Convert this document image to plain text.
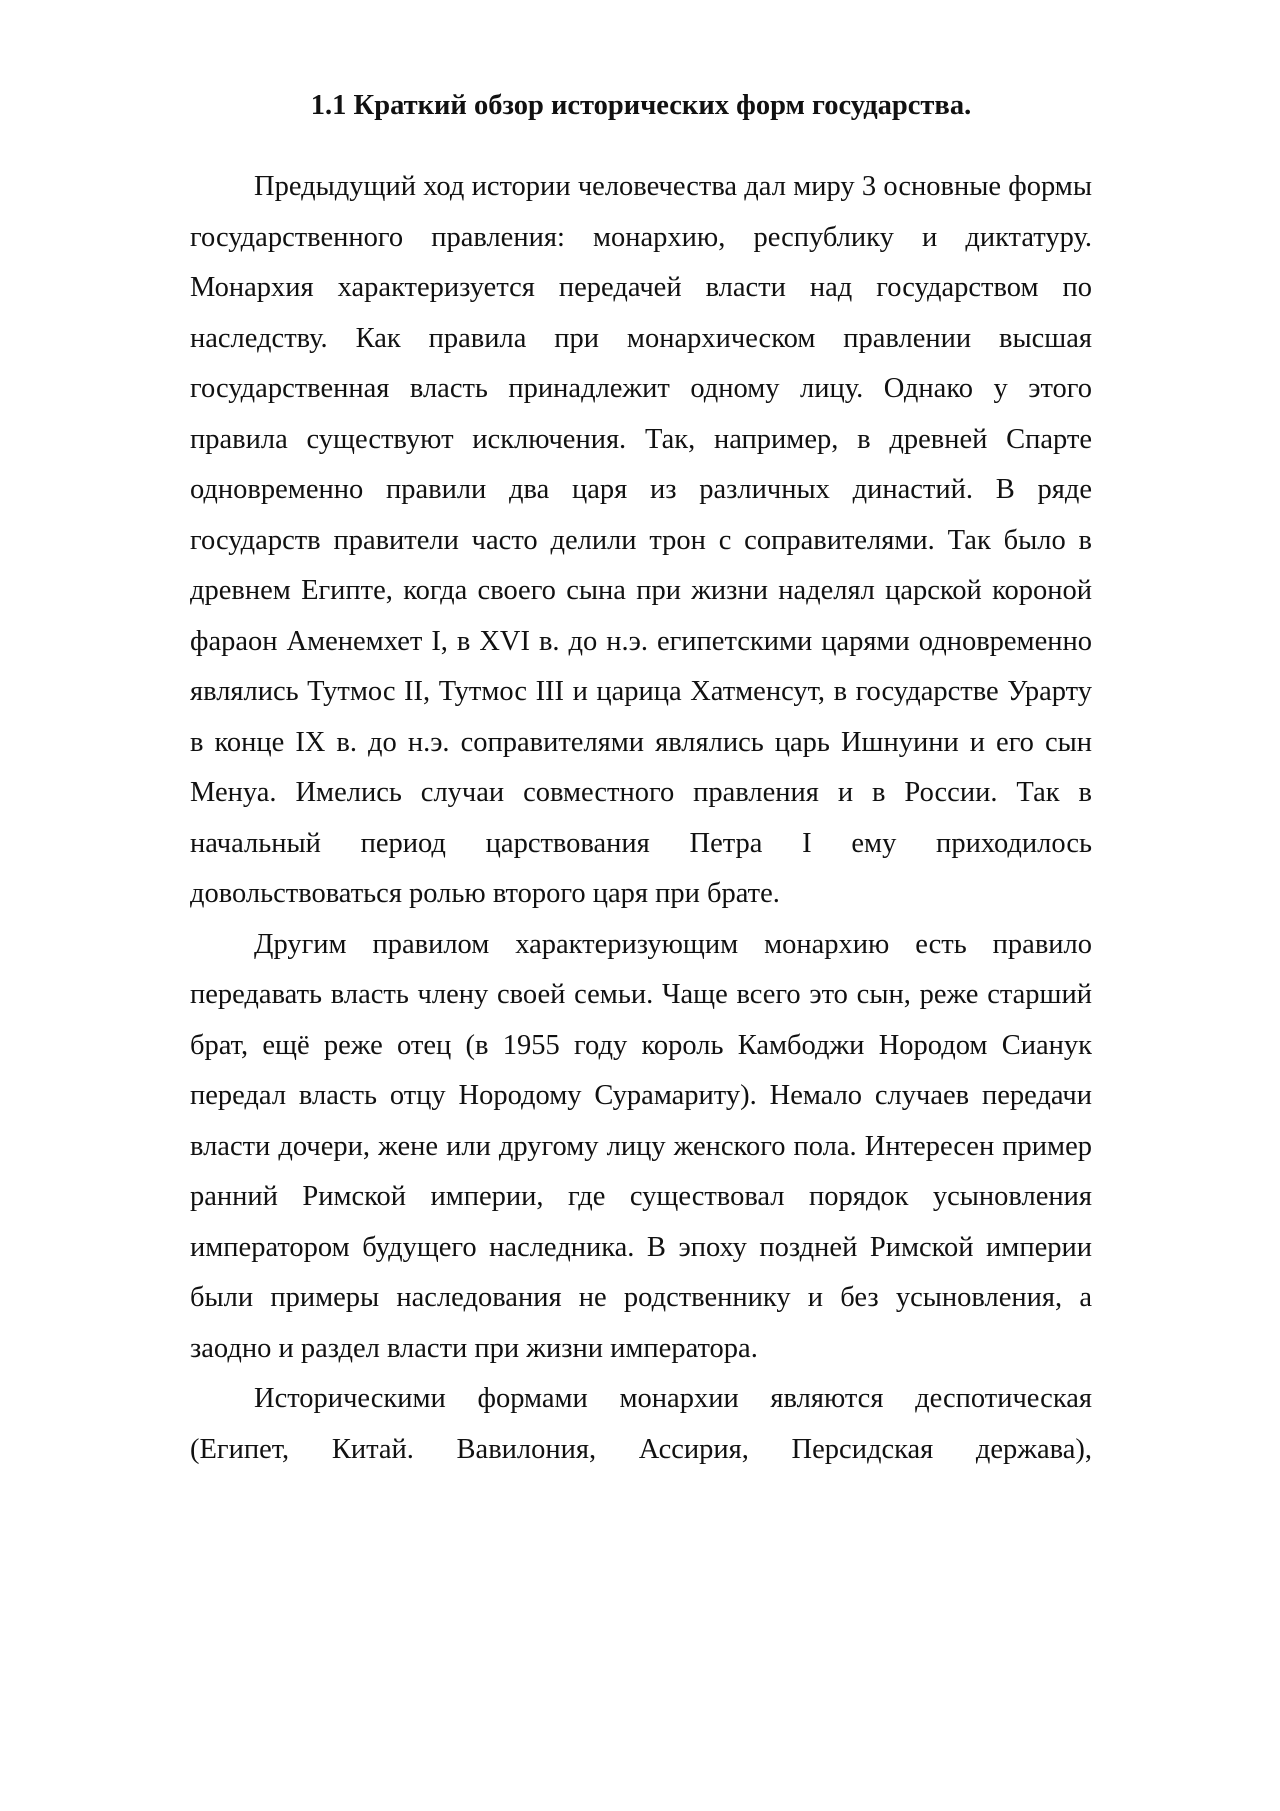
1.1 Краткий обзор исторических форм государства.

Предыдущий ход истории человечества дал миру 3 основные формы государственного правления: монархию, республику и диктатуру. Монархия характеризуется передачей власти над государством по наследству. Как правила при монархическом правлении высшая государственная власть принадлежит одному лицу. Однако у этого правила существуют исключения. Так, например, в древней Спарте одновременно правили два царя из различных династий. В ряде государств правители часто делили трон с соправителями. Так было в древнем Египте, когда своего сына при жизни наделял царской короной фараон Аменемхет I, в XVI в. до н.э. египетскими царями одновременно являлись Тутмос II, Тутмос III и царица Хатменсут, в государстве Урарту в конце IX в. до н.э. соправителями являлись царь Ишнуини и его сын Менуа. Имелись случаи совместного правления и в России. Так в начальный период царствования Петра I ему приходилось довольствоваться ролью второго царя при брате.

Другим правилом характеризующим монархию есть правило передавать власть члену своей семьи. Чаще всего это сын, реже старший брат, ещё реже отец (в 1955 году король Камбоджи Нородом Сианук передал власть отцу Нородому Сурамариту). Немало случаев передачи власти дочери, жене или другому лицу женского пола. Интересен пример ранний Римской империи, где существовал порядок усыновления императором будущего наследника. В эпоху поздней Римской империи были примеры наследования не родственнику и без усыновления, а заодно и раздел власти при жизни императора.

Историческими формами монархии являются деспотическая (Египет, Китай. Вавилония, Ассирия, Персидская держава),
